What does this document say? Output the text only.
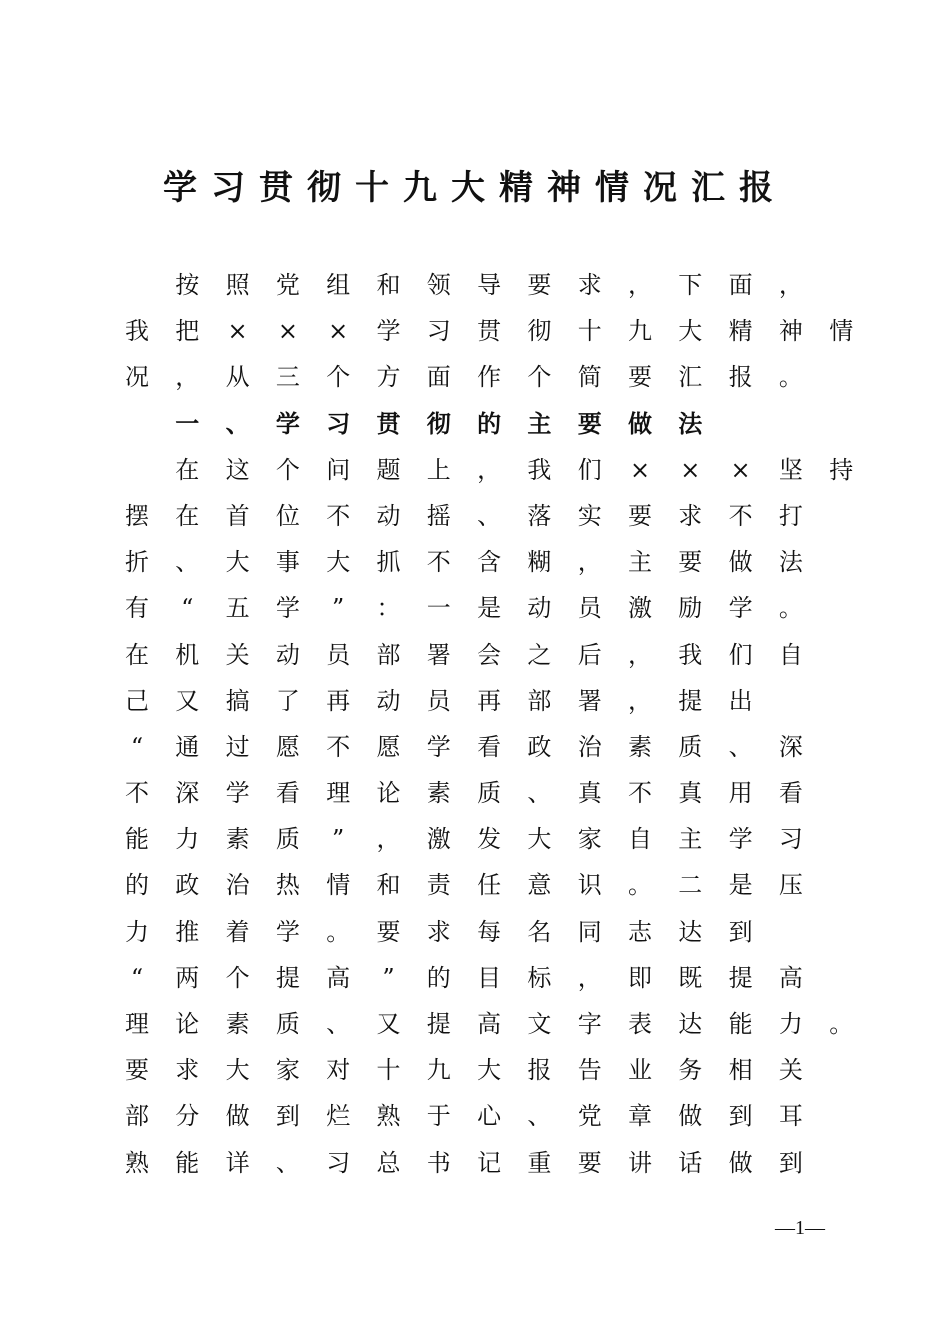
学习贯彻十九大精神情况汇报

按	照	党	组	和	领	导	要	求	，	下	面	，
我	把	×	×	×	学	习	贯	彻	十	九	大	精	神	情
况	，	从	三	个	方	面	作	个	简	要	汇	报	。

一	、	学	习	贯	彻	的	主	要	做	法

在	这	个	问	题	上	，	我	们	×	×	×	坚	持
摆	在	首	位	不	动	摇	、	落	实	要	求	不	打
折	、	大	事	大	抓	不	含	糊	，	主	要	做	法
有	“	五	学	”	：	一	是	动	员	激	励	学	。
在	机	关	动	员	部	署	会	之	后	，	我	们	自
己	又	搞	了	再	动	员	再	部	署	，	提	出
“	通	过	愿	不	愿	学	看	政	治	素	质	、	深
不	深	学	看	理	论	素	质	、	真	不	真	用	看
能	力	素	质	”	，	激	发	大	家	自	主	学	习
的	政	治	热	情	和	责	任	意	识	。	二	是	压
力	推	着	学	。	要	求	每	名	同	志	达	到
“	两	个	提	高	”	的	目	标	，	即	既	提	高
理	论	素	质	、	又	提	高	文	字	表	达	能	力	。
要	求	大	家	对	十	九	大	报	告	业	务	相	关
部	分	做	到	烂	熟	于	心	、	党	章	做	到	耳
熟	能	详	、	习	总	书	记	重	要	讲	话	做	到
—1—
